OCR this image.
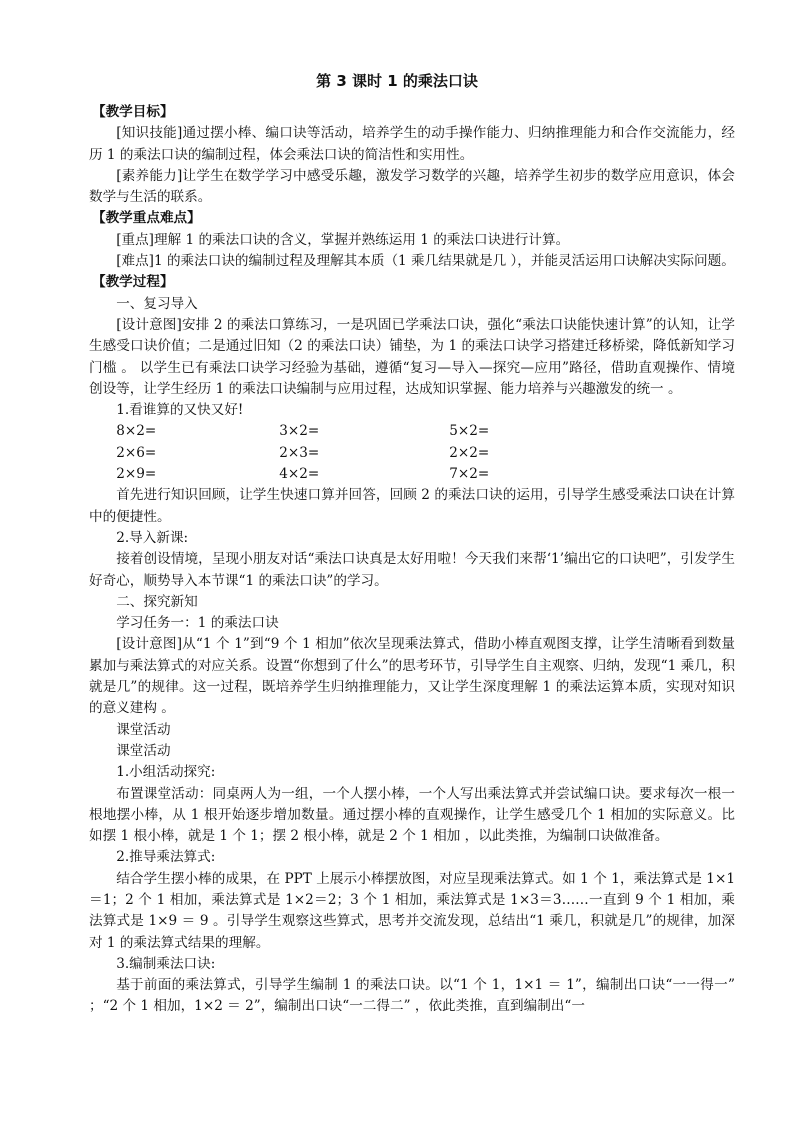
第 3 课时 1 的乘法口诀

【教学目标】

[知识技能]通过摆小棒、编口诀等活动，培养学生的动手操作能力、归纳推理能力和合作交流能力，经历 1 的乘法口诀的编制过程，体会乘法口诀的简洁性和实用性。

[素养能力]让学生在数学学习中感受乐趣，激发学习数学的兴趣，培养学生初步的数学应用意识，体会数学与生活的联系。

【教学重点难点】

[重点]理解 1 的乘法口诀的含义，掌握并熟练运用 1 的乘法口诀进行计算。

[难点]1 的乘法口诀的编制过程及理解其本质（1 乘几结果就是几 ），并能灵活运用口诀解决实际问题。

【教学过程】

一、复习导入

[设计意图]安排 2 的乘法口算练习，一是巩固已学乘法口诀，强化“乘法口诀能快速计算”的认知，让学生感受口诀价值；二是通过旧知（2 的乘法口诀）铺垫，为 1 的乘法口诀学习搭建迁移桥梁，降低新知学习门槛 。 以学生已有乘法口诀学习经验为基础，遵循“复习—导入—探究—应用”路径，借助直观操作、情境创设等，让学生经历 1 的乘法口诀编制与应用过程，达成知识掌握、能力培养与兴趣激发的统一 。

1.看谁算的又快又好!

8×2=	3×2=	5×2=
2×6=	2×3=	2×2=
2×9=	4×2=	7×2=

首先进行知识回顾，让学生快速口算并回答，回顾 2 的乘法口诀的运用，引导学生感受乘法口诀在计算中的便捷性。

2.导入新课:

接着创设情境，呈现小朋友对话“乘法口诀真是太好用啦！今天我们来帮‘1’编出它的口诀吧”，引发学生好奇心，顺势导入本节课“1 的乘法口诀”的学习。

二、探究新知

学习任务一：1 的乘法口诀

[设计意图]从“1 个 1”到“9 个 1 相加”依次呈现乘法算式，借助小棒直观图支撑，让学生清晰看到数量累加与乘法算式的对应关系。设置“你想到了什么”的思考环节，引导学生自主观察、归纳，发现“1 乘几，积就是几”的规律。这一过程，既培养学生归纳推理能力，又让学生深度理解 1 的乘法运算本质，实现对知识的意义建构 。

课堂活动

课堂活动

1.小组活动探究:

布置课堂活动：同桌两人为一组，一个人摆小棒，一个人写出乘法算式并尝试编口诀。要求每次一根一根地摆小棒，从 1 根开始逐步增加数量。通过摆小棒的直观操作，让学生感受几个 1 相加的实际意义。比如摆 1 根小棒，就是 1 个 1；摆 2 根小棒，就是 2 个 1 相加 ，以此类推，为编制口诀做准备。

2.推导乘法算式:

结合学生摆小棒的成果，在 PPT 上展示小棒摆放图，对应呈现乘法算式。如 1 个 1，乘法算式是 1×1＝1；2 个 1 相加，乘法算式是 1×2＝2；3 个 1 相加，乘法算式是 1×3＝3……一直到 9 个 1 相加，乘法算式是 1×9 ＝ 9 。引导学生观察这些算式，思考并交流发现，总结出“1 乘几，积就是几”的规律，加深对 1 的乘法算式结果的理解。

3.编制乘法口诀:

基于前面的乘法算式，引导学生编制 1 的乘法口诀。以“1 个 1，1×1 ＝ 1”，编制出口诀“一一得一” ；“2 个 1 相加，1×2 ＝ 2”，编制出口诀“一二得二” ，依此类推，直到编制出“一
